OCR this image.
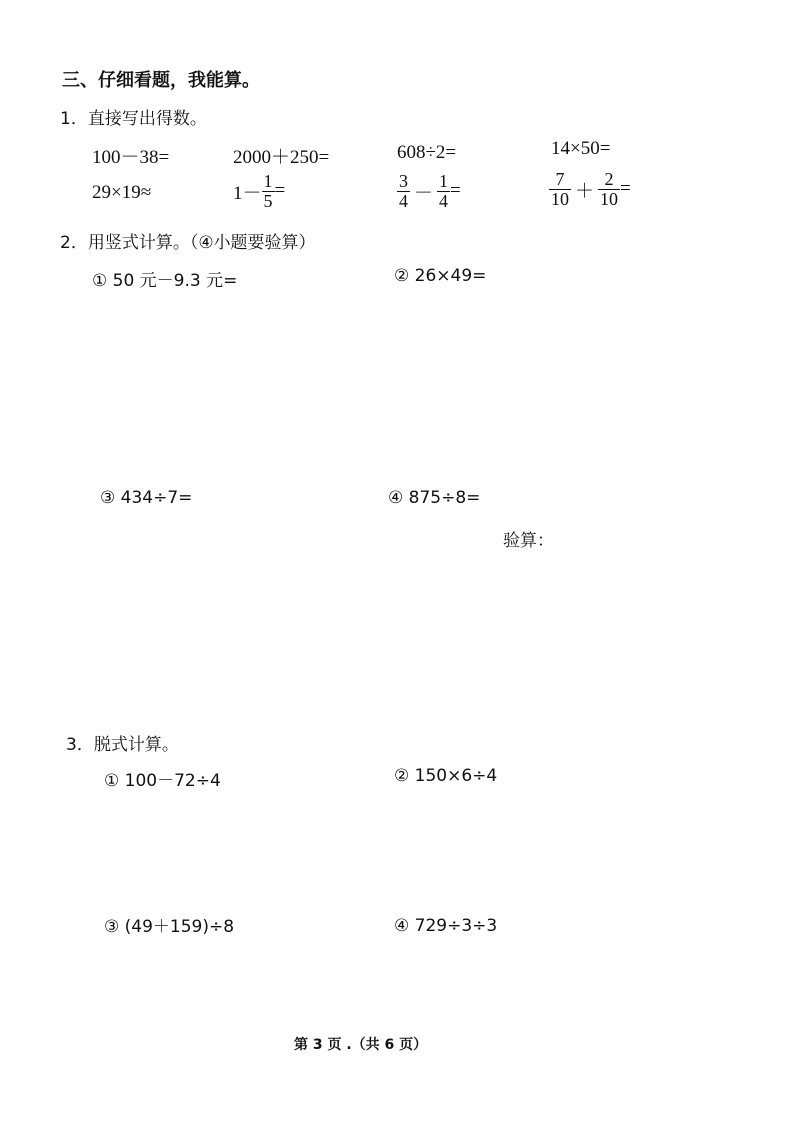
三、仔细看题，我能算。
1．直接写出得数。
100－38=	2000＋250=	608÷2=	14×50=
29×19≈	$1- \frac{1}{5}$ =	$\frac{3}{4} - \frac{1}{4}$ =	$\frac{7}{10} + \frac{2}{10}$ =
2．用竖式计算。（④小题要验算）
① 50 元－9.3 元=	② 26×49=
③ 434÷7=	④ 875÷8=
验算：
3．脱式计算。
① 100－72÷4	② 150×6÷4
③ (49＋159)÷8	④ 729÷3÷3
第 3 页 .（共 6 页）
